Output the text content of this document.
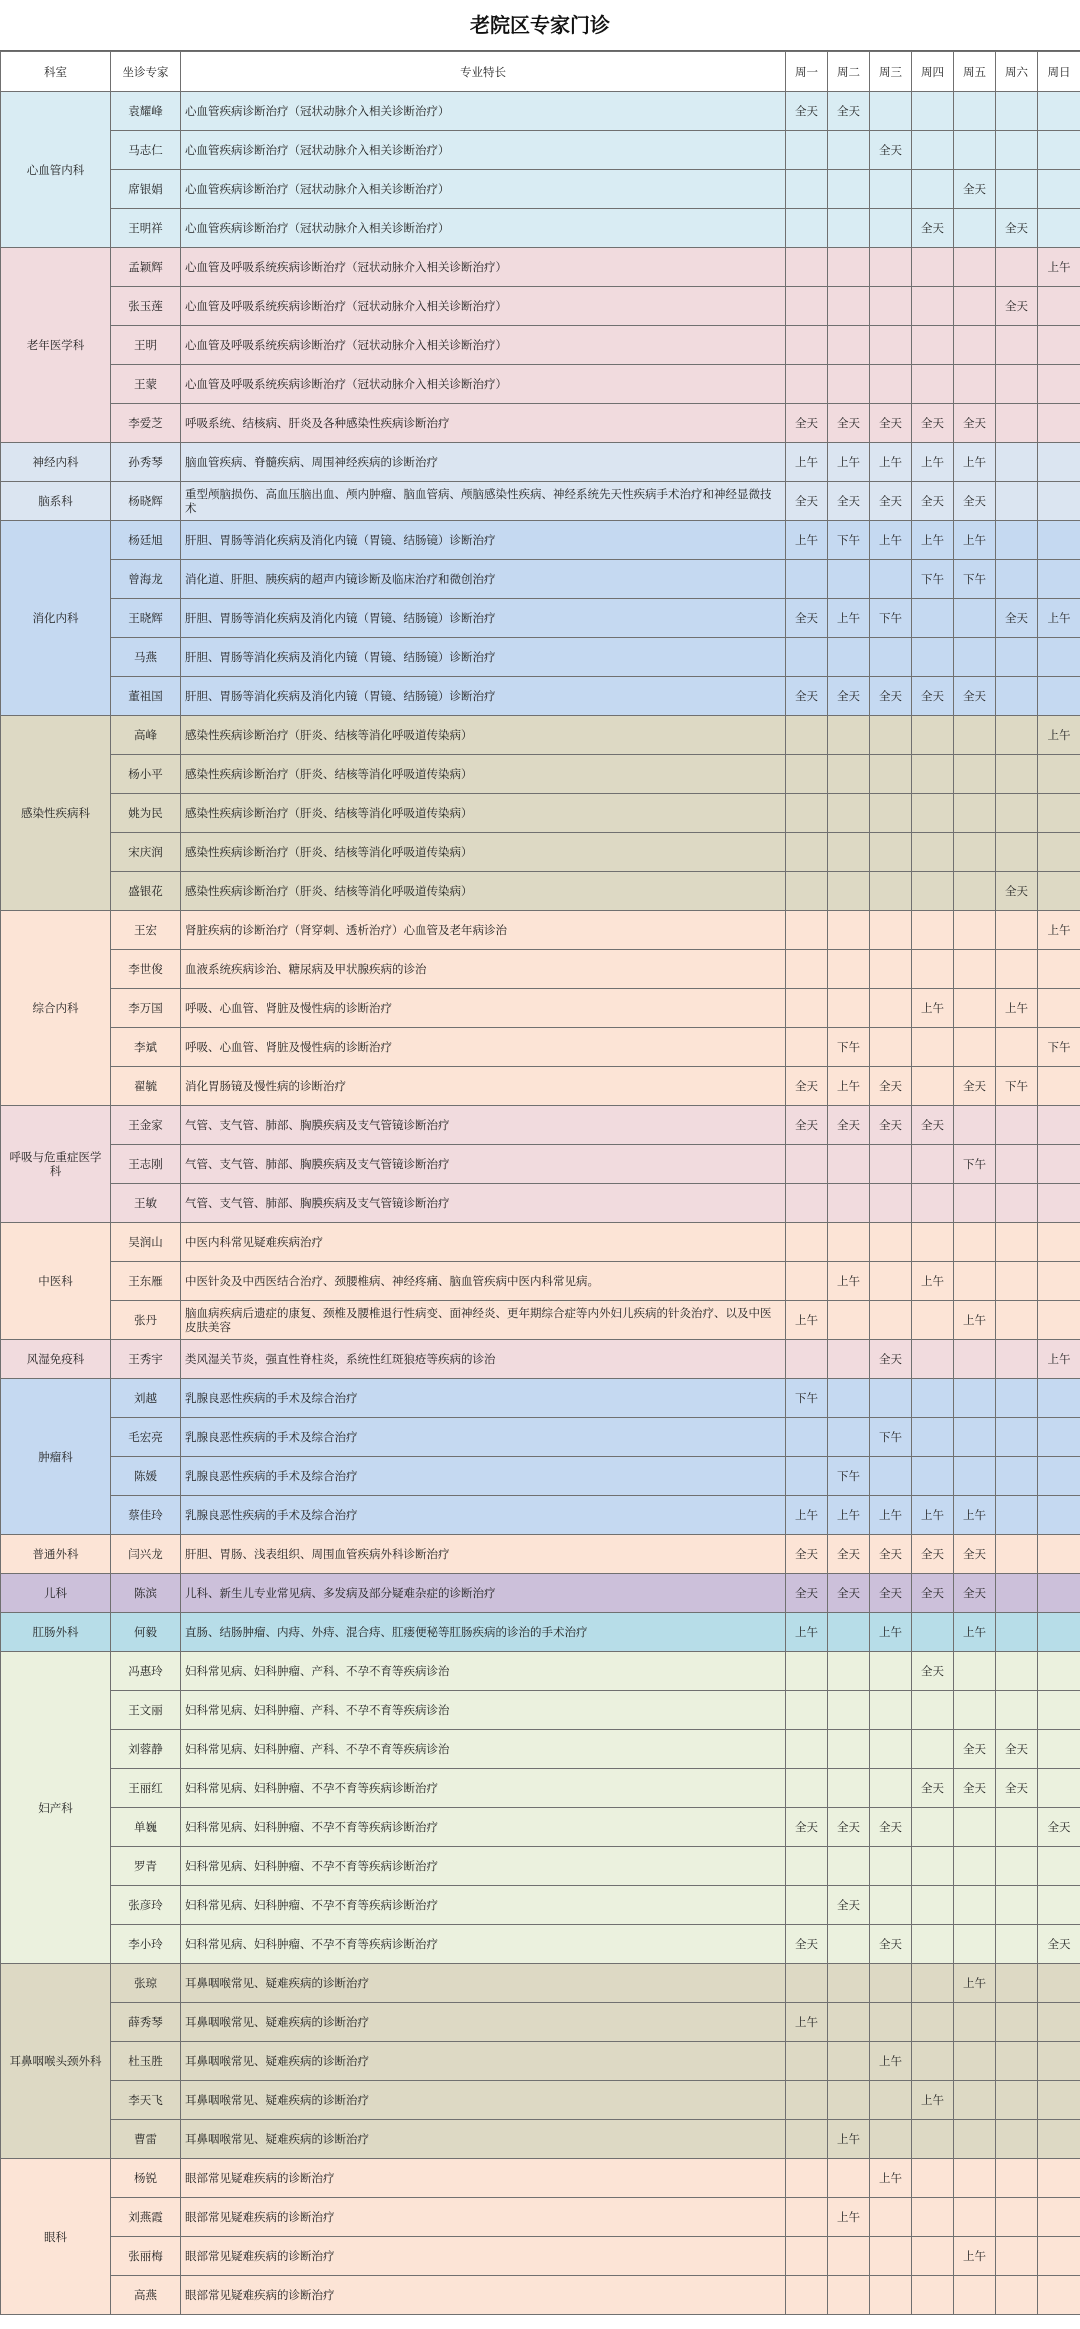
老院区专家门诊
科室	坐诊专家	专业特长	周一	周二	周三	周四	周五	周六	周日
心血管内科	袁耀峰	心血管疾病诊断治疗（冠状动脉介入相关诊断治疗）	全天	全天					
	马志仁	心血管疾病诊断治疗（冠状动脉介入相关诊断治疗）			全天				
	席银娟	心血管疾病诊断治疗（冠状动脉介入相关诊断治疗）					全天		
	王明祥	心血管疾病诊断治疗（冠状动脉介入相关诊断治疗）				全天		全天	
老年医学科	孟颖辉	心血管及呼吸系统疾病诊断治疗（冠状动脉介入相关诊断治疗）							上午
	张玉莲	心血管及呼吸系统疾病诊断治疗（冠状动脉介入相关诊断治疗）						全天	
	王明	心血管及呼吸系统疾病诊断治疗（冠状动脉介入相关诊断治疗）							
	王蒙	心血管及呼吸系统疾病诊断治疗（冠状动脉介入相关诊断治疗）							
	李爱芝	呼吸系统、结核病、肝炎及各种感染性疾病诊断治疗	全天	全天	全天	全天	全天		
神经内科	孙秀琴	脑血管疾病、脊髓疾病、周围神经疾病的诊断治疗	上午	上午	上午	上午	上午		
脑系科	杨晓辉	重型颅脑损伤、高血压脑出血、颅内肿瘤、脑血管病、颅脑感染性疾病、神经系统先天性疾病手术治疗和神经显微技术	全天	全天	全天	全天	全天		
消化内科	杨廷旭	肝胆、胃肠等消化疾病及消化内镜（胃镜、结肠镜）诊断治疗	上午	下午	上午	上午	上午		
	曾海龙	消化道、肝胆、胰疾病的超声内镜诊断及临床治疗和微创治疗				下午	下午		
	王晓辉	肝胆、胃肠等消化疾病及消化内镜（胃镜、结肠镜）诊断治疗	全天	上午	下午			全天	上午
	马燕	肝胆、胃肠等消化疾病及消化内镜（胃镜、结肠镜）诊断治疗							
	董祖国	肝胆、胃肠等消化疾病及消化内镜（胃镜、结肠镜）诊断治疗	全天	全天	全天	全天	全天		
感染性疾病科	高峰	感染性疾病诊断治疗（肝炎、结核等消化呼吸道传染病）							上午
	杨小平	感染性疾病诊断治疗（肝炎、结核等消化呼吸道传染病）							
	姚为民	感染性疾病诊断治疗（肝炎、结核等消化呼吸道传染病）							
	宋庆润	感染性疾病诊断治疗（肝炎、结核等消化呼吸道传染病）							
	盛银花	感染性疾病诊断治疗（肝炎、结核等消化呼吸道传染病）						全天	
综合内科	王宏	肾脏疾病的诊断治疗（肾穿刺、透析治疗）心血管及老年病诊治							上午
	李世俊	血液系统疾病诊治、糖尿病及甲状腺疾病的诊治							
	李万国	呼吸、心血管、肾脏及慢性病的诊断治疗				上午		上午	
	李斌	呼吸、心血管、肾脏及慢性病的诊断治疗		下午					下午
	翟毓	消化胃肠镜及慢性病的诊断治疗	全天	上午	全天		全天	下午	
呼吸与危重症医学科	王金家	气管、支气管、肺部、胸膜疾病及支气管镜诊断治疗	全天	全天	全天	全天			
	王志刚	气管、支气管、肺部、胸膜疾病及支气管镜诊断治疗					下午		
	王敏	气管、支气管、肺部、胸膜疾病及支气管镜诊断治疗							
中医科	吴润山	中医内科常见疑难疾病治疗							
	王东雁	中医针灸及中西医结合治疗、颈腰椎病、神经疼痛、脑血管疾病中医内科常见病。		上午		上午			
	张丹	脑血病疾病后遗症的康复、颈椎及腰椎退行性病变、面神经炎、更年期综合症等内外妇儿疾病的针灸治疗、以及中医皮肤美容	上午				上午		
风湿免疫科	王秀宇	类风湿关节炎，强直性脊柱炎，系统性红斑狼疮等疾病的诊治			全天				上午
肿瘤科	刘越	乳腺良恶性疾病的手术及综合治疗	下午						
	毛宏亮	乳腺良恶性疾病的手术及综合治疗			下午				
	陈媛	乳腺良恶性疾病的手术及综合治疗		下午					
	蔡佳玲	乳腺良恶性疾病的手术及综合治疗	上午	上午	上午	上午	上午		
普通外科	闫兴龙	肝胆、胃肠、浅表组织、周围血管疾病外科诊断治疗	全天	全天	全天	全天	全天		
儿科	陈滨	儿科、新生儿专业常见病、多发病及部分疑难杂症的诊断治疗	全天	全天	全天	全天	全天		
肛肠外科	何毅	直肠、结肠肿瘤、内痔、外痔、混合痔、肛瘘便秘等肛肠疾病的诊治的手术治疗	上午		上午		上午		
妇产科	冯惠玲	妇科常见病、妇科肿瘤、产科、不孕不育等疾病诊治				全天			
	王文丽	妇科常见病、妇科肿瘤、产科、不孕不育等疾病诊治							
	刘蓉静	妇科常见病、妇科肿瘤、产科、不孕不育等疾病诊治					全天	全天	
	王丽红	妇科常见病、妇科肿瘤、不孕不育等疾病诊断治疗				全天	全天	全天	
	单巍	妇科常见病、妇科肿瘤、不孕不育等疾病诊断治疗	全天	全天	全天				全天
	罗青	妇科常见病、妇科肿瘤、不孕不育等疾病诊断治疗							
	张彦玲	妇科常见病、妇科肿瘤、不孕不育等疾病诊断治疗		全天					
	李小玲	妇科常见病、妇科肿瘤、不孕不育等疾病诊断治疗	全天		全天				全天
耳鼻咽喉头颈外科	张琼	耳鼻咽喉常见、疑难疾病的诊断治疗					上午		
	薛秀琴	耳鼻咽喉常见、疑难疾病的诊断治疗	上午						
	杜玉胜	耳鼻咽喉常见、疑难疾病的诊断治疗			上午				
	李天飞	耳鼻咽喉常见、疑难疾病的诊断治疗				上午			
	曹雷	耳鼻咽喉常见、疑难疾病的诊断治疗		上午					
眼科	杨锐	眼部常见疑难疾病的诊断治疗			上午				
	刘燕霞	眼部常见疑难疾病的诊断治疗		上午					
	张丽梅	眼部常见疑难疾病的诊断治疗					上午		
	高燕	眼部常见疑难疾病的诊断治疗							
